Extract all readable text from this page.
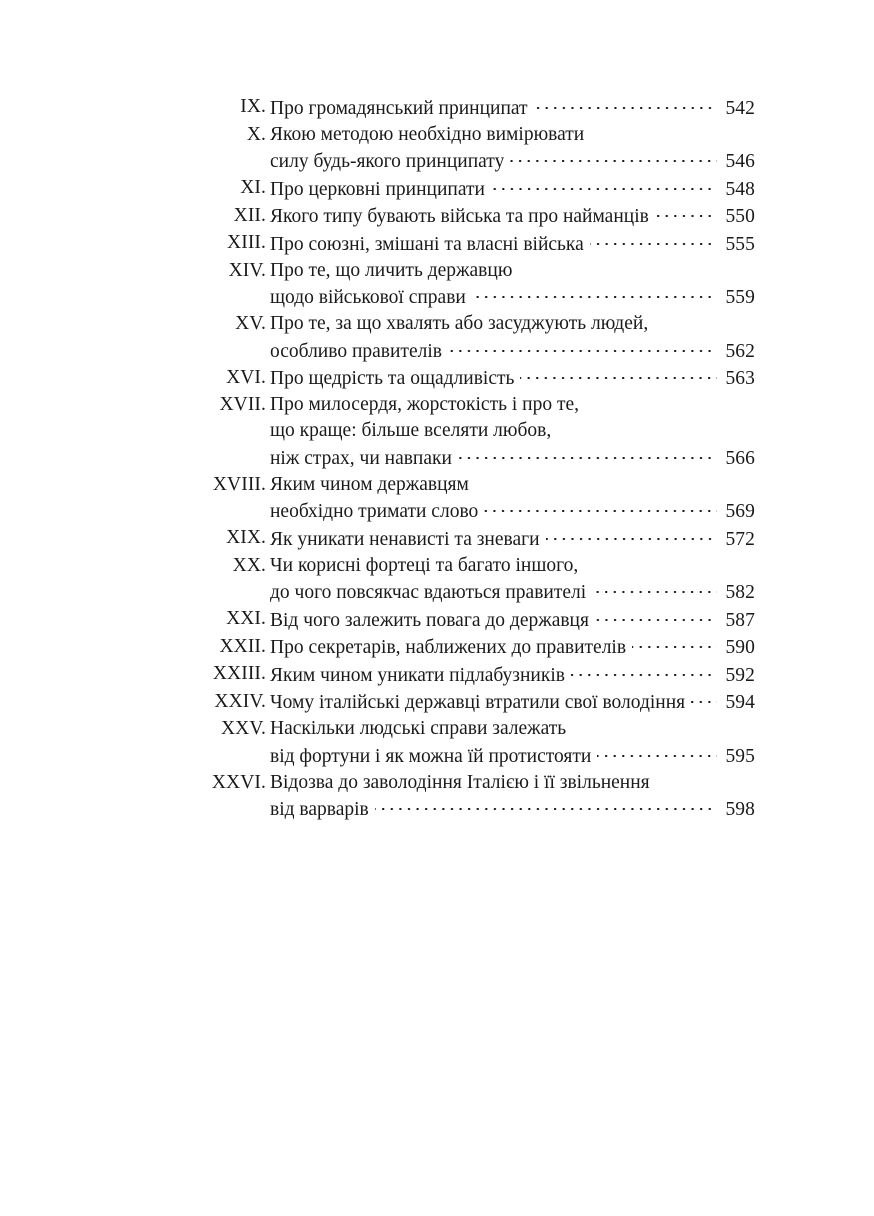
IX. Про громадянський принципат	542
X. Якою методою необхідно вимірювати
силу будь-якого принципату	546
XI. Про церковні принципати	548
XII. Якого типу бувають війська та про найманців	550
XIII. Про союзні, змішані та власні війська	555
XIV. Про те, що личить державцю
щодо військової справи	559
XV. Про те, за що хвалять або засуджують людей,
особливо правителів	562
XVI. Про щедрість та ощадливість	563
XVII. Про милосердя, жорстокість і про те,
що краще: більше вселяти любов,
ніж страх, чи навпаки	566
XVIII. Яким чином державцям
необхідно тримати слово	569
XIX. Як уникати ненависті та зневаги	572
XX. Чи корисні фортеці та багато іншого,
до чого повсякчас вдаються правителі	582
XXI. Від чого залежить повага до державця	587
XXII. Про секретарів, наближених до правителів	590
XXIII. Яким чином уникати підлабузників	592
XXIV. Чому італійські державці втратили свої володіння	594
XXV. Наскільки людські справи залежать
від фортуни і як можна їй протистояти	595
XXVI. Відозва до заволодіння Італією і її звільнення
від варварів	598
